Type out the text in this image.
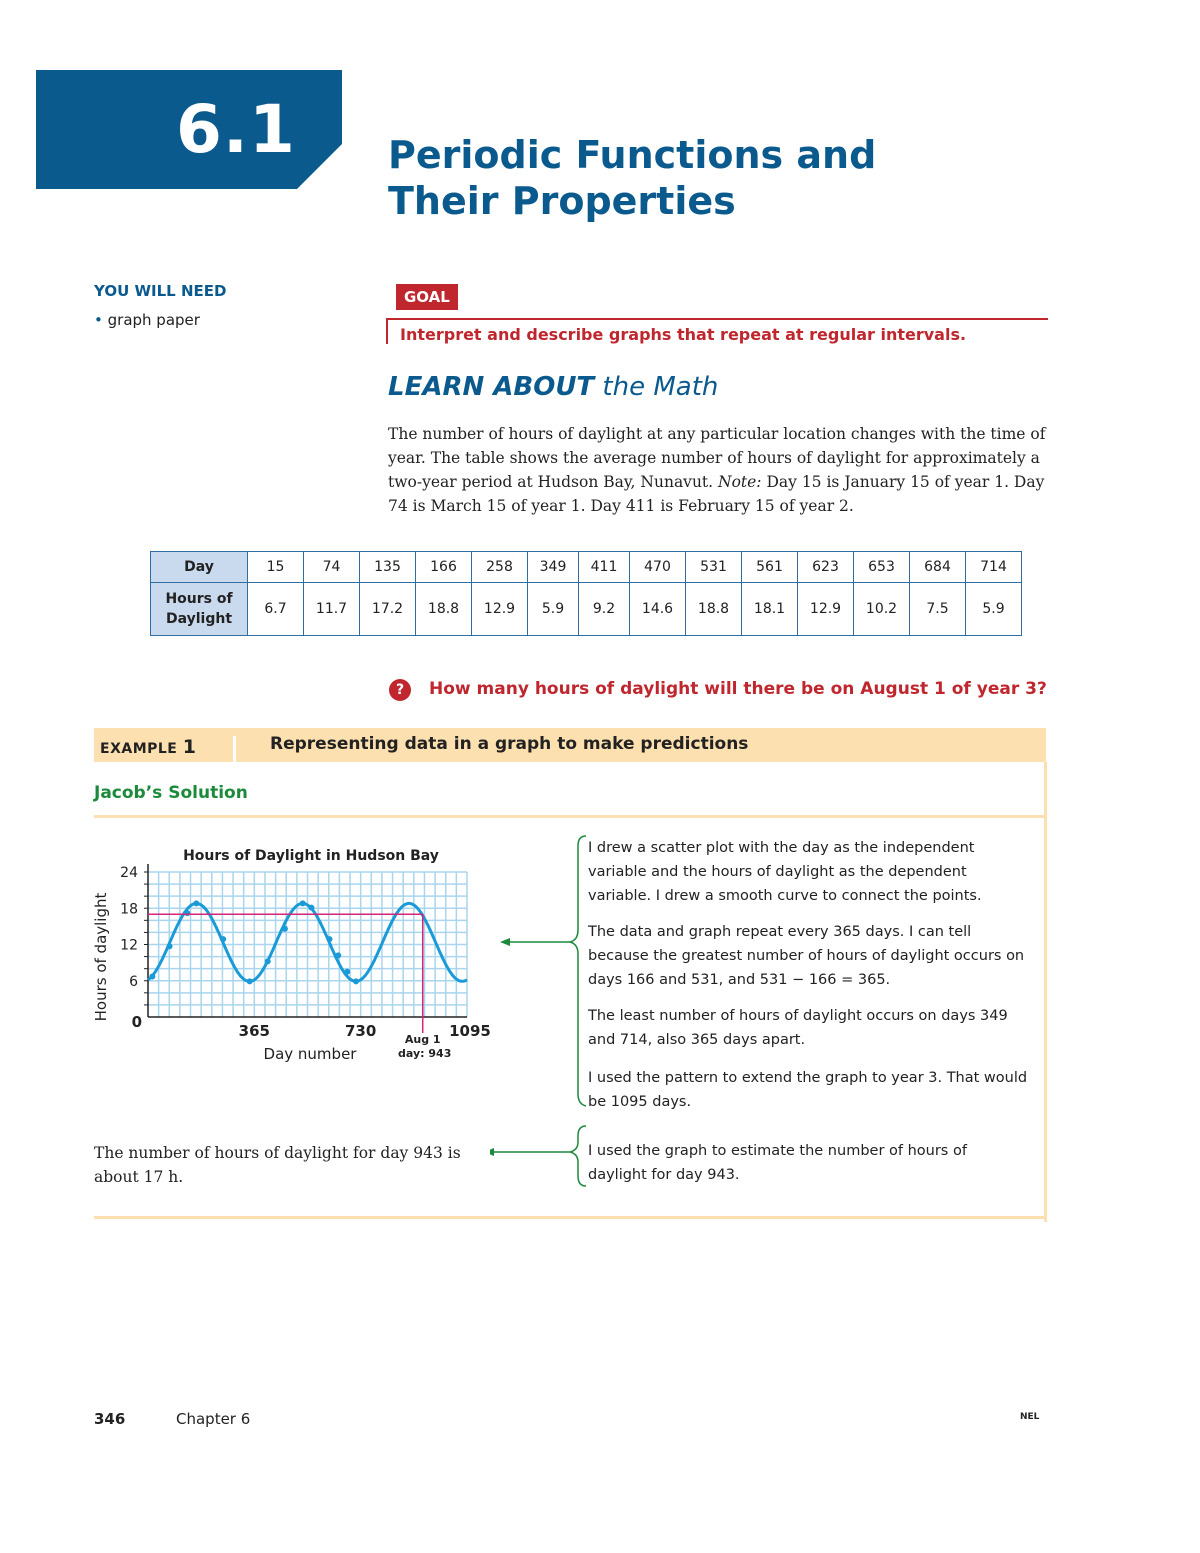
6.1 Periodic Functions and
Their Properties
YOU WILL NEED
• graph paper
GOAL
Interpret and describe graphs that repeat at regular intervals.
LEARN ABOUT the Math
The number of hours of daylight at any particular location changes with the time of year. The table shows the average number of hours of daylight for approximately a two-year period at Hudson Bay, Nunavut. Note: Day 15 is January 15 of year 1. Day 74 is March 15 of year 1. Day 411 is February 15 of year 2.
Day	15	74	135	166	258	349	411	470	531	561	623	653	684	714
Hours of Daylight	6.7	11.7	17.2	18.8	12.9	5.9	9.2	14.6	18.8	18.1	12.9	10.2	7.5	5.9
?	How many hours of daylight will there be on August 1 of year 3?
EXAMPLE 1	Representing data in a graph to make predictions
Jacob’s Solution
Hours of Daylight in Hudson Bay
6
12
18
24
0	365	730	1095
Day number
Hours of daylight
Aug 1
day: 943
I drew a scatter plot with the day as the independent variable and the hours of daylight as the dependent variable. I drew a smooth curve to connect the points.
The data and graph repeat every 365 days. I can tell because the greatest number of hours of daylight occurs on days 166 and 531, and 531 − 166 = 365.
The least number of hours of daylight occurs on days 349 and 714, also 365 days apart.
I used the pattern to extend the graph to year 3. That would be 1095 days.
I used the graph to estimate the number of hours of daylight for day 943.
The number of hours of daylight for day 943 is about 17 h.
346	Chapter 6	NEL
